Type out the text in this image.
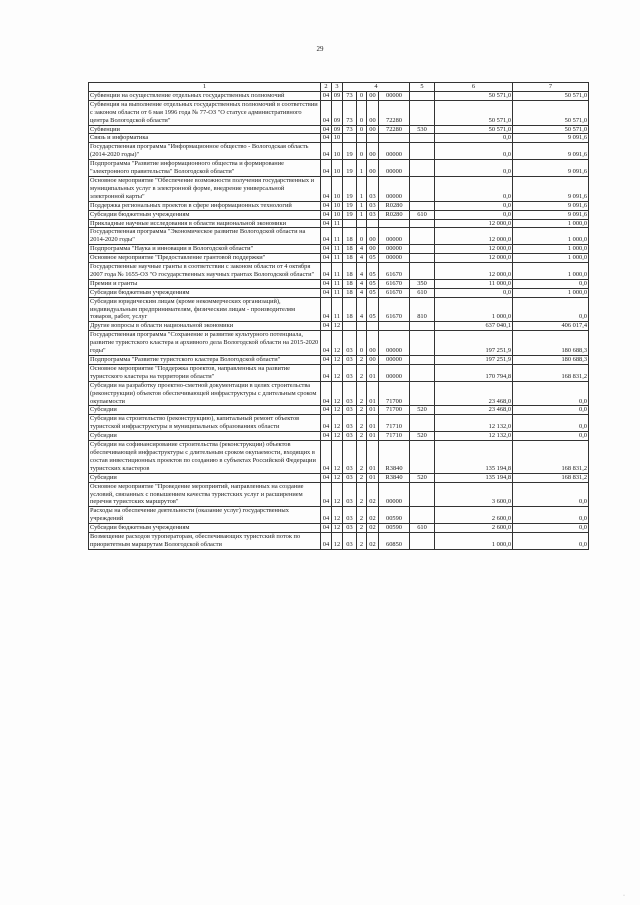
29
1	2	3	4				5	6	7
Субвенции на осуществление отдельных государственных полномочий	04	09	73	0	00	00000		50 571,0	50 571,0
Субвенция на выполнение отдельных государственных полномочий в соответствии с законом области от 6 мая 1996 года № 77-ОЗ "О статусе административного центра Вологодской области"	04	09	73	0	00	72280		50 571,0	50 571,0
Субвенции	04	09	73	0	00	72280	530	50 571,0	50 571,0
Связь и информатика	04	10						0,0	9 091,6
Государственная программа "Информационное общество - Вологодская область (2014-2020 годы)"	04	10	19	0	00	00000		0,0	9 091,6
Подпрограмма "Развитие информационного общества и формирование "электронного правительства" Вологодской области"	04	10	19	1	00	00000		0,0	9 091,6
Основное мероприятие "Обеспечение возможности получения государственных и муниципальных услуг в электронной форме, внедрение универсальной электронной карты"	04	10	19	1	03	00000		0,0	9 091,6
Поддержка региональных проектов в сфере информационных технологий	04	10	19	1	03	R0280		0,0	9 091,6
Субсидии бюджетным учреждениям	04	10	19	1	03	R0280	610	0,0	9 091,6
Прикладные научные исследования в области национальной экономики	04	11						12 000,0	1 000,0
Государственная программа "Экономическое развитие Вологодской области на 2014-2020 годы"	04	11	18	0	00	00000		12 000,0	1 000,0
Подпрограмма "Наука и инновации в Вологодской области"	04	11	18	4	00	00000		12 000,0	1 000,0
Основное мероприятие "Предоставление грантовой поддержки"	04	11	18	4	05	00000		12 000,0	1 000,0
Государственные научные гранты в соответствии с законом области от 4 октября 2007 года № 1655-ОЗ "О государственных научных грантах Вологодской области"	04	11	18	4	05	61670		12 000,0	1 000,0
Премии и гранты	04	11	18	4	05	61670	350	11 000,0	0,0
Субсидии бюджетным учреждениям	04	11	18	4	05	61670	610	0,0	1 000,0
Субсидии юридическим лицам (кроме некоммерческих организаций), индивидуальным предпринимателям, физическим лицам - производителям товаров, работ, услуг	04	11	18	4	05	61670	810	1 000,0	0,0
Другие вопросы в области национальной экономики	04	12						637 040,1	406 017,4
Государственная программа "Сохранение и развитие культурного потенциала, развитие туристского кластера и архивного дела Вологодской области на 2015-2020 годы"	04	12	03	0	00	00000		197 251,9	180 688,3
Подпрограмма "Развитие туристского кластера Вологодской области"	04	12	03	2	00	00000		197 251,9	180 688,3
Основное мероприятие "Поддержка проектов, направленных на развитие туристского кластера на территории области"	04	12	03	2	01	00000		170 794,8	168 831,2
Субсидии на разработку проектно-сметной документации в целях строительства (реконструкции) объектов обеспечивающей инфраструктуры с длительным сроком окупаемости	04	12	03	2	01	71700		23 468,0	0,0
Субсидии	04	12	03	2	01	71700	520	23 468,0	0,0
Субсидии на строительство (реконструкцию), капитальный ремонт объектов туристской инфраструктуры в муниципальных образованиях области	04	12	03	2	01	71710		12 132,0	0,0
Субсидии	04	12	03	2	01	71710	520	12 132,0	0,0
Субсидии на софинансирование строительства (реконструкции) объектов обеспечивающей инфраструктуры с длительным сроком окупаемости, входящих в состав инвестиционных проектов по созданию в субъектах Российской Федерации туристских кластеров	04	12	03	2	01	R3840		135 194,8	168 831,2
Субсидии	04	12	03	2	01	R3840	520	135 194,8	168 831,2
Основное мероприятие "Проведение мероприятий, направленных на создание условий, связанных с повышением качества туристских услуг и расширением перечня туристских маршрутов"	04	12	03	2	02	00000		3 600,0	0,0
Расходы на обеспечение деятельности (оказание услуг) государственных учреждений	04	12	03	2	02	00590		2 600,0	0,0
Субсидии бюджетным учреждениям	04	12	03	2	02	00590	610	2 600,0	0,0
Возмещение расходов туроператорам, обеспечивающих туристский поток по приоритетным маршрутам Вологодской области	04	12	03	2	02	60850		1 000,0	0,0
·
